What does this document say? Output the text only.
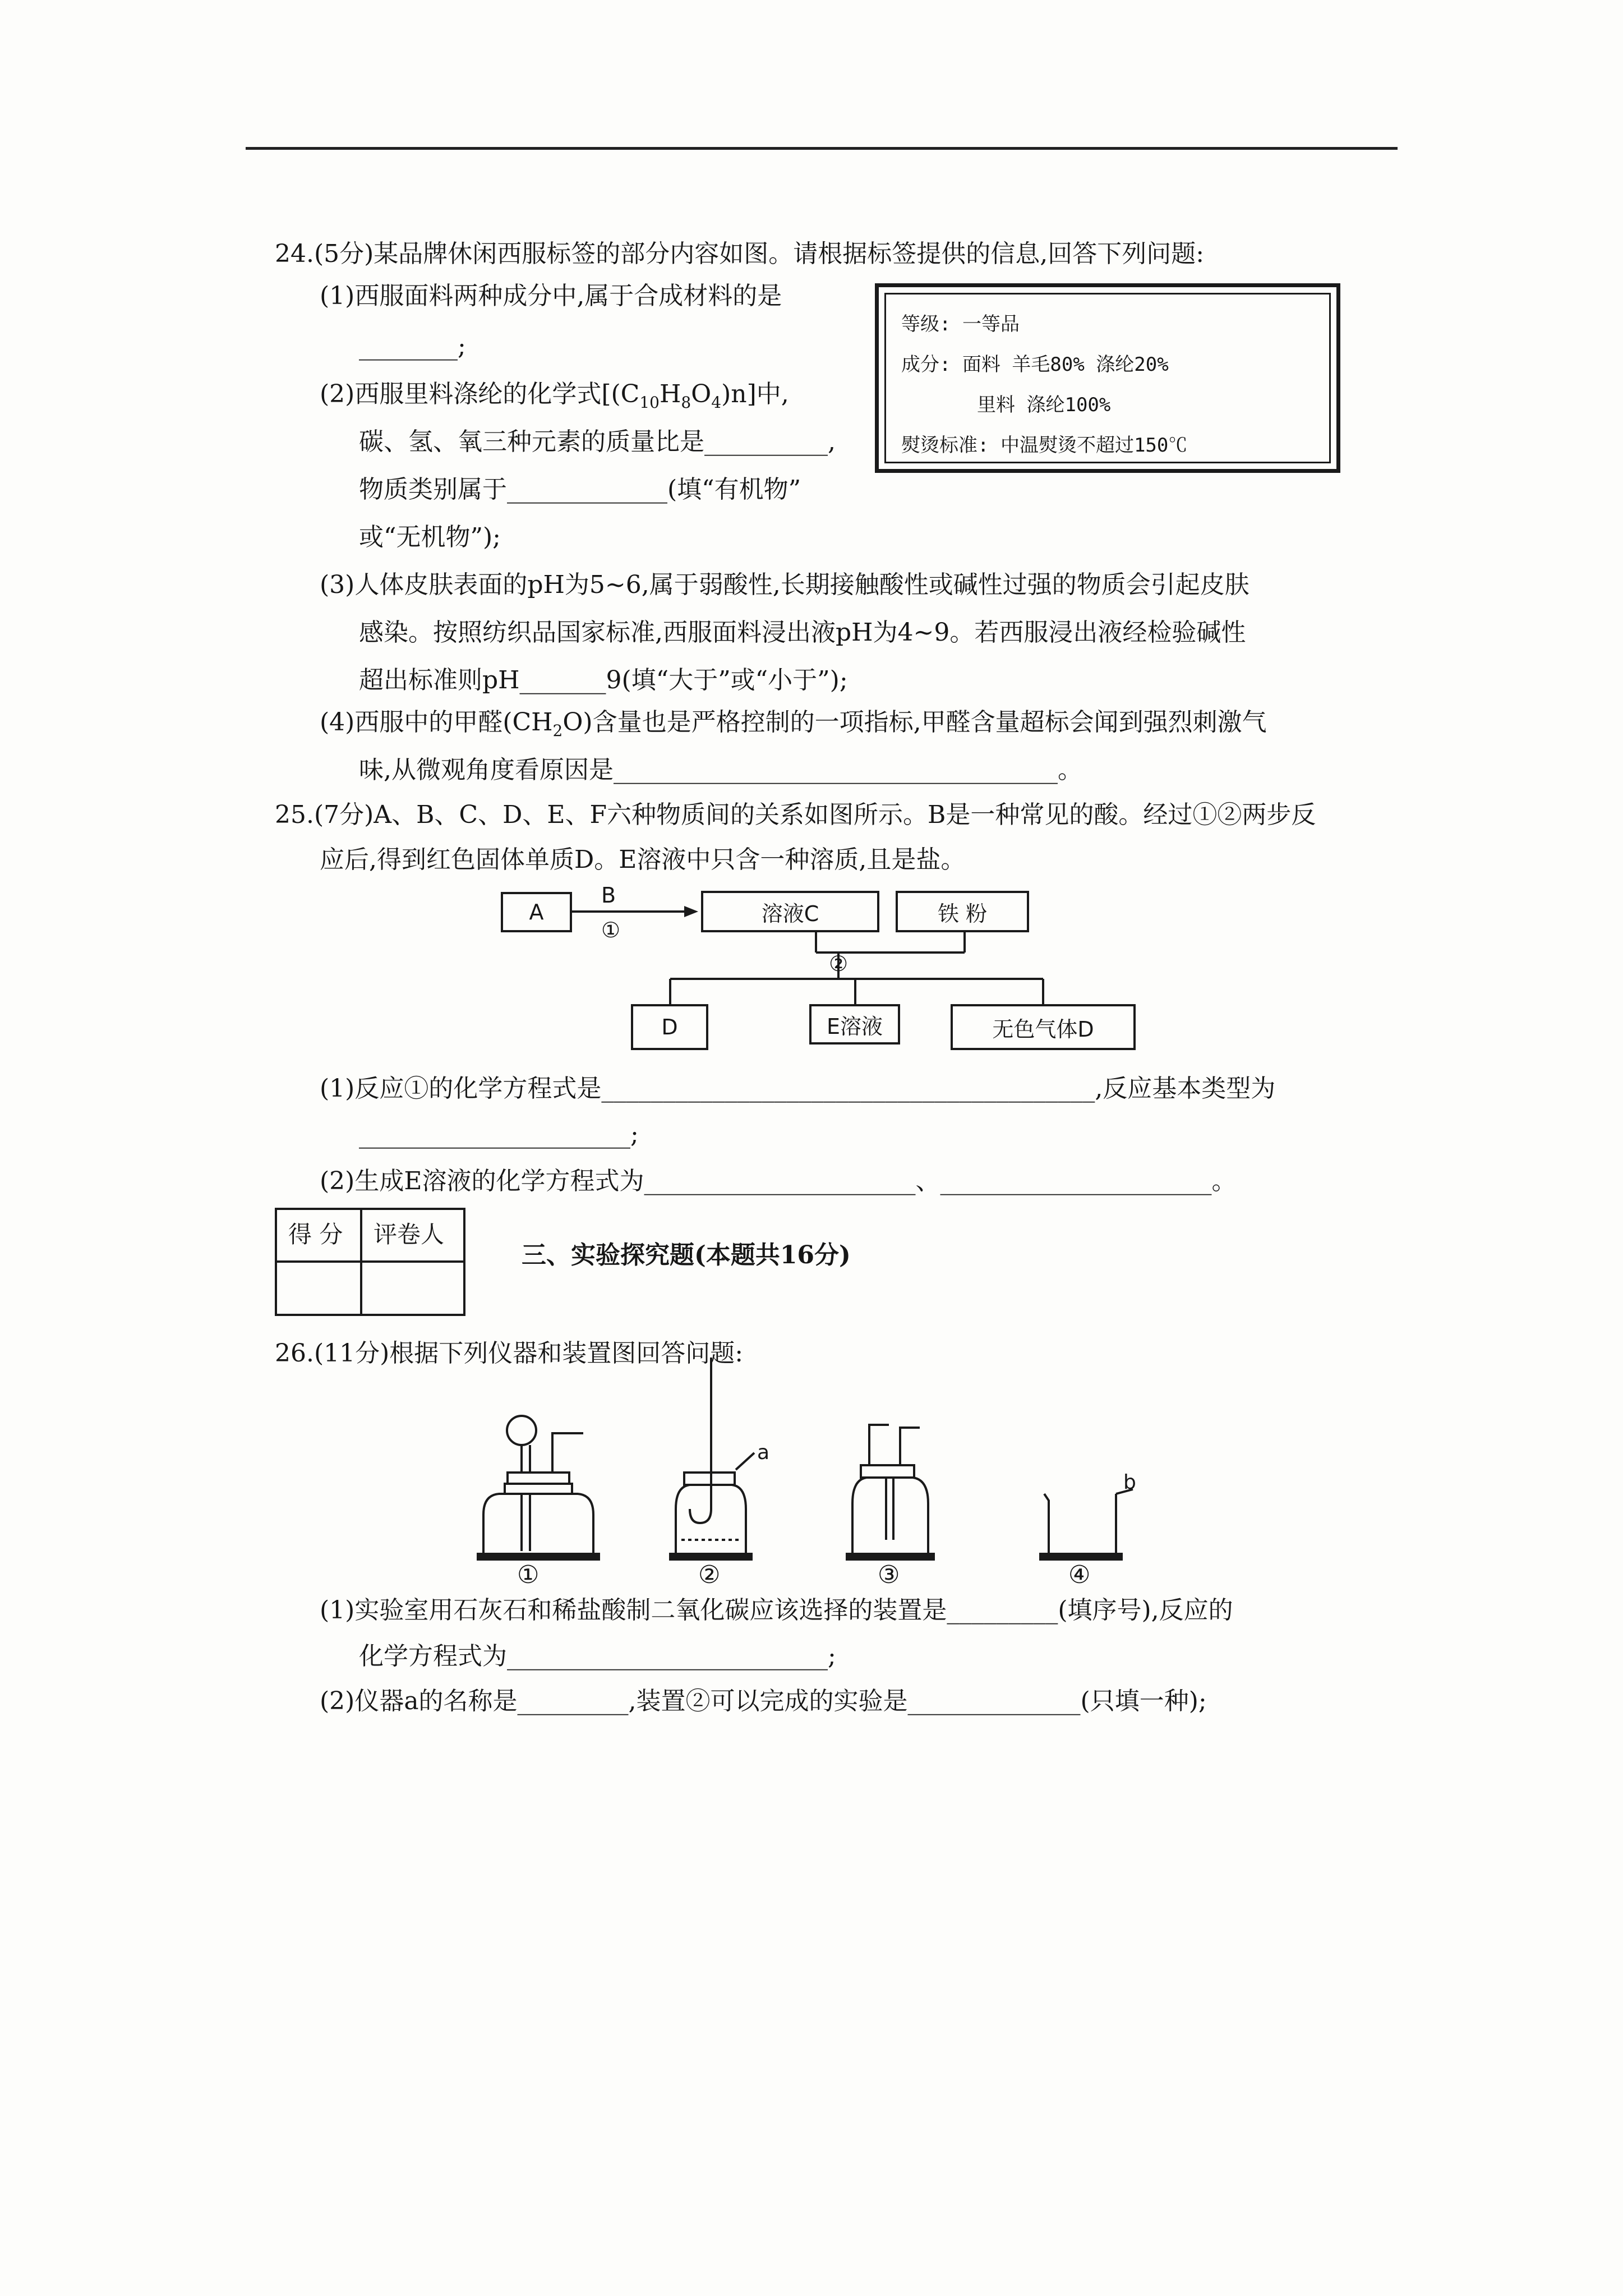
24.(5分)某品牌休闲西服标签的部分内容如图。请根据标签提供的信息,回答下列问题:
(1)西服面料两种成分中,属于合成材料的是
________;
(2)西服里料涤纶的化学式$[(C_{10}H_8O_4)n]$中,
碳、氢、氧三种元素的质量比是__________,
物质类别属于_____________(填“有机物”
或“无机物”);
(3)人体皮肤表面的pH为5~6,属于弱酸性,长期接触酸性或碱性过强的物质会引起皮肤
感染。按照纺织品国家标准,西服面料浸出液pH为4~9。若西服浸出液经检验碱性
超出标准则pH_______9(填“大于”或“小于”);
(4)西服中的甲醛$(CH_2O)$含量也是严格控制的一项指标,甲醛含量超标会闻到强烈刺激气
味,从微观角度看原因是____________________________________。
等级: 一等品
成分: 面料 羊毛80% 涤纶20%
里料 涤纶100%
熨烫标准: 中温熨烫不超过150℃
25.(7分)A、B、C、D、E、F六种物质间的关系如图所示。B是一种常见的酸。经过①②两步反
应后,得到红色固体单质D。E溶液中只含一种溶质,且是盐。
A
B
①
溶液C	铁 粉
②
D	E溶液	无色气体D
(1)反应①的化学方程式是________________________________________,反应基本类型为
______________________;
(2)生成E溶液的化学方程式为______________________、______________________。
得 分 评卷人
三、实验探究题(本题共16分)
26.(11分)根据下列仪器和装置图回答问题:
a
b
①	②	③	④
(1)实验室用石灰石和稀盐酸制二氧化碳应该选择的装置是_________(填序号),反应的
化学方程式为__________________________;
(2)仪器a的名称是_________,装置②可以完成的实验是______________(只填一种);
